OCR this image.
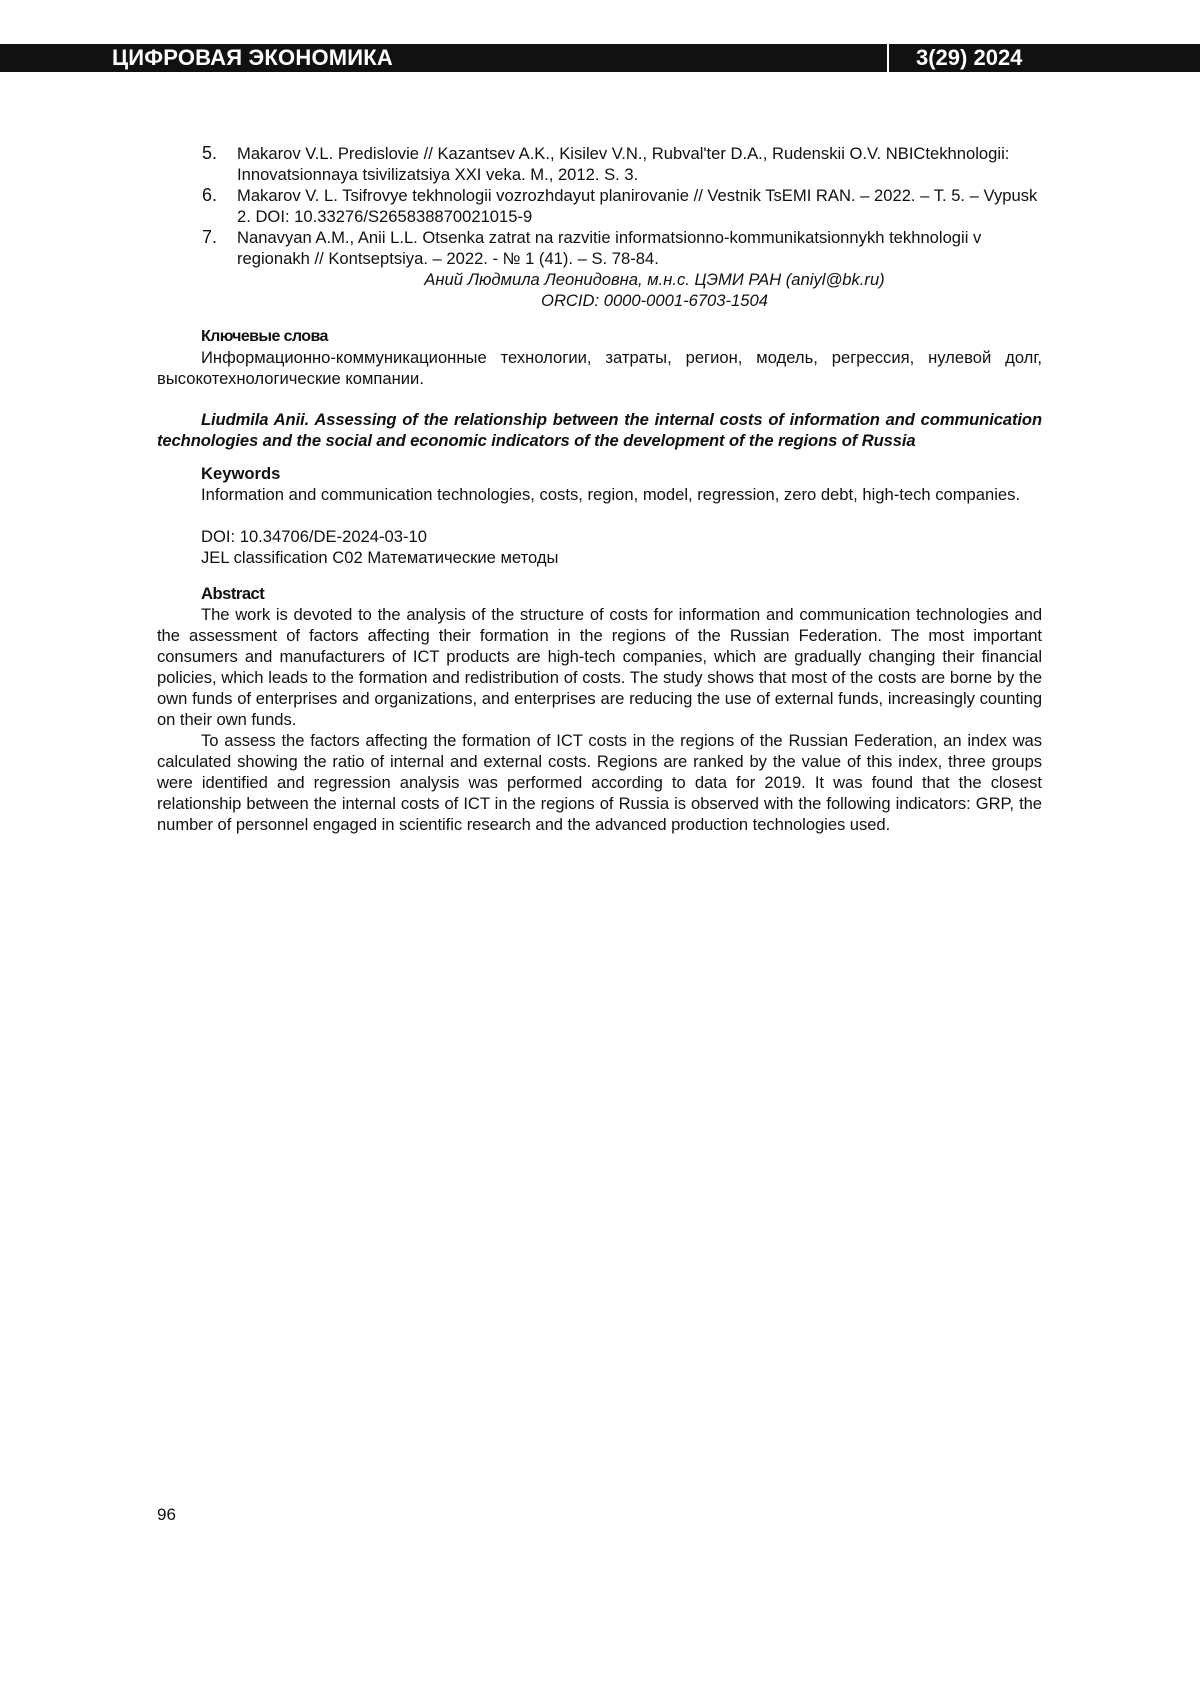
ЦИФРОВАЯ ЭКОНОМИКА	3(29) 2024
5.	Makarov V.L. Predislovie // Kazantsev A.K., Kisilev V.N., Rubval'ter D.A., Rudenskii O.V. NBICtekhnologii: Innovatsionnaya tsivilizatsiya XXI veka. M., 2012. S. 3.
6.	Makarov V. L. Tsifrovye tekhnologii vozrozhdayut planirovanie // Vestnik TsEMI RAN. – 2022. – T. 5. – Vypusk 2. DOI: 10.33276/S265838870021015-9
7.	Nanavyan A.M., Anii L.L. Otsenka zatrat na razvitie informatsionno-kommunikatsionnykh tekhnologii v regionakh // Kontseptsiya. – 2022. - № 1 (41). – S. 78-84.
Аний Людмила Леонидовна, м.н.с. ЦЭМИ РАН (aniyl@bk.ru)
ORCID: 0000-0001-6703-1504
Ключевые слова

Информационно-коммуникационные технологии, затраты, регион, модель, регрессия, нулевой долг, высокотехнологические компании.

Liudmila Anii. Assessing of the relationship between the internal costs of information and communication technologies and the social and economic indicators of the development of the regions of Russia
Keywords

Information and communication technologies, costs, region, model, regression, zero debt, high-tech companies.

DOI: 10.34706/DE-2024-03-10
JEL classification C02 Математические методы
Abstract

The work is devoted to the analysis of the structure of costs for information and communication technologies and the assessment of factors affecting their formation in the regions of the Russian Federation. The most important consumers and manufacturers of ICT products are high-tech companies, which are gradually changing their financial policies, which leads to the formation and redistribution of costs. The study shows that most of the costs are borne by the own funds of enterprises and organizations, and enterprises are reducing the use of external funds, increasingly counting on their own funds.

To assess the factors affecting the formation of ICT costs in the regions of the Russian Federation, an index was calculated showing the ratio of internal and external costs. Regions are ranked by the value of this index, three groups were identified and regression analysis was performed according to data for 2019. It was found that the closest relationship between the internal costs of ICT in the regions of Russia is observed with the following indicators: GRP, the number of personnel engaged in scientific research and the advanced production technologies used.

96
